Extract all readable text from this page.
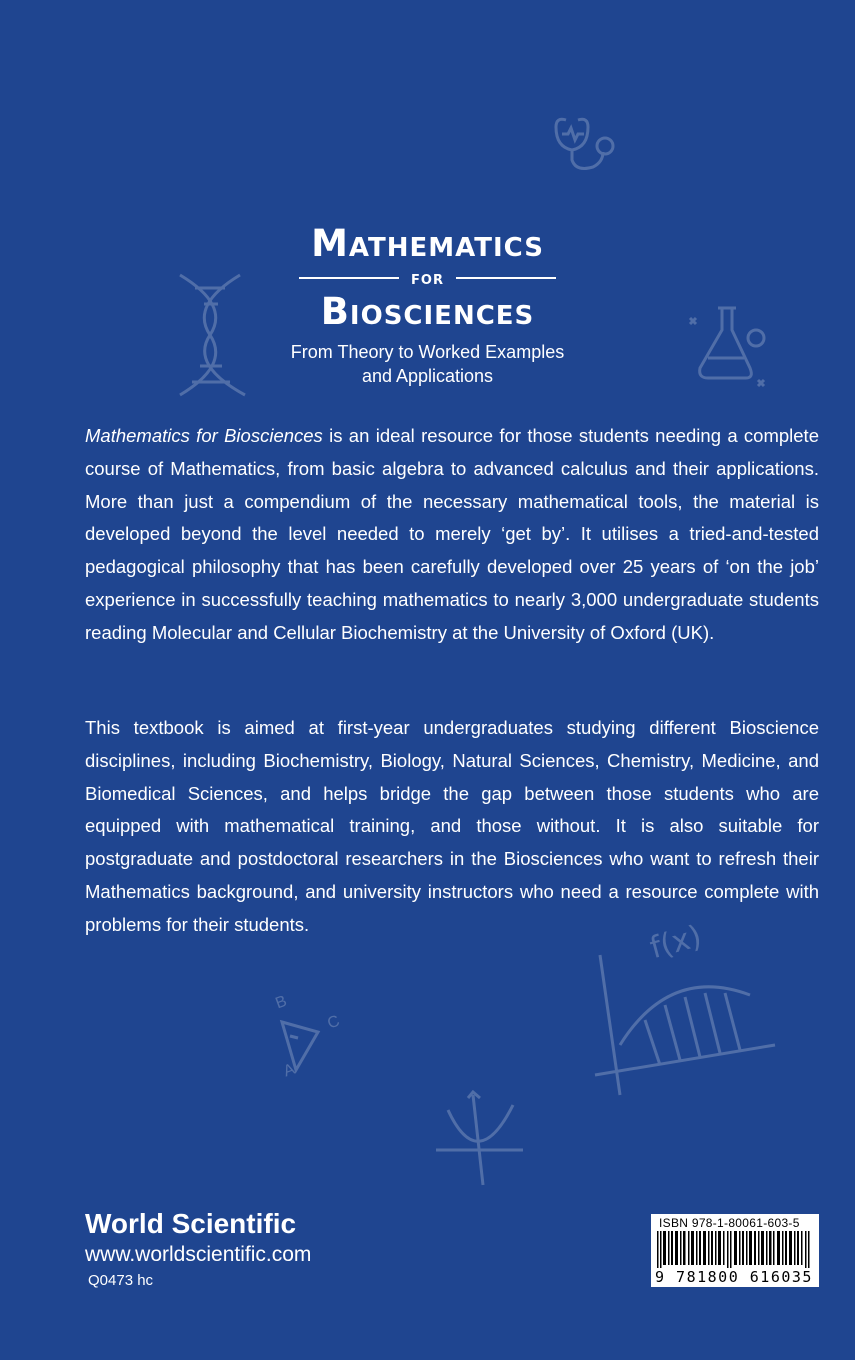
B
C
A
f(x)
Mathematics
for
Biosciences
From Theory to Worked Examples
and Applications

Mathematics for Biosciences is an ideal resource for those students needing a complete course of Mathematics, from basic algebra to advanced calculus and their applications. More than just a compendium of the necessary mathematical tools, the material is developed beyond the level needed to merely ‘get by’. It utilises a tried-and-tested pedagogical philosophy that has been carefully developed over 25 years of ‘on the job’ experience in successfully teaching mathematics to nearly 3,000 undergraduate students reading Molecular and Cellular Biochemistry at the University of Oxford (UK).

This textbook is aimed at first-year undergraduates studying different Bioscience disciplines, including Biochemistry, Biology, Natural Sciences, Chemistry, Medicine, and Biomedical Sciences, and helps bridge the gap between those students who are equipped with mathematical training, and those without. It is also suitable for postgraduate and postdoctoral researchers in the Biosciences who want to refresh their Mathematics background, and university instructors who need a resource complete with problems for their students.

World Scientific
www.worldscientific.com
Q0473 hc
ISBN 978-1-80061-603-5
9 781800 616035
